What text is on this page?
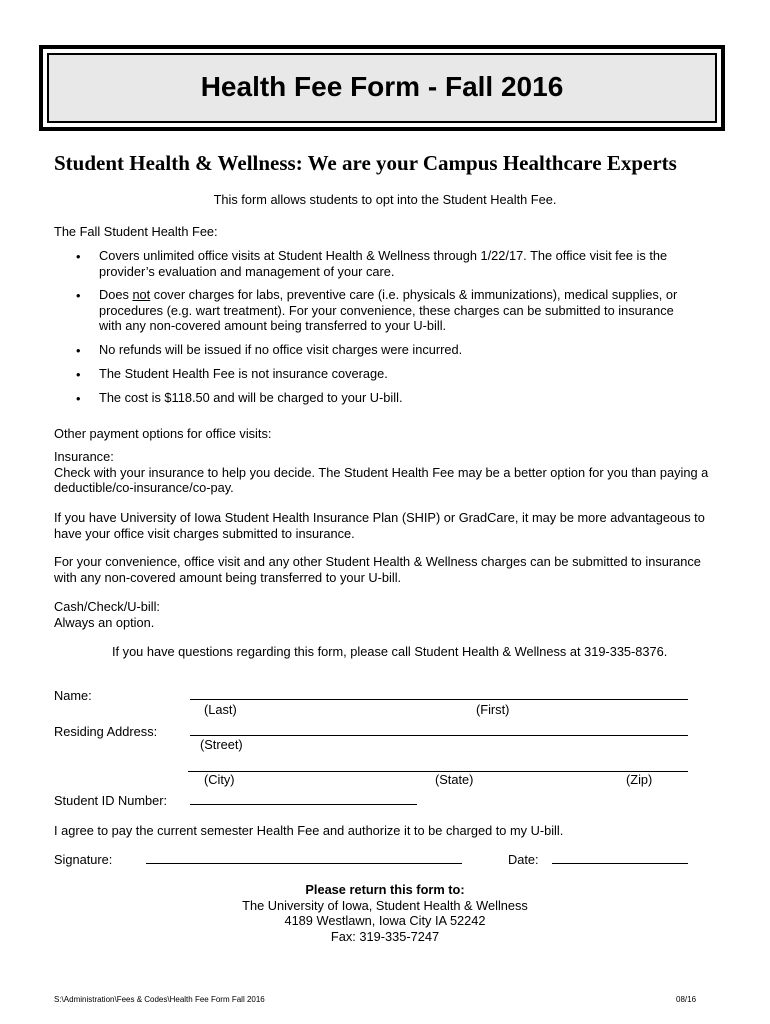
Health Fee Form - Fall 2016
Student Health & Wellness: We are your Campus Healthcare Experts
This form allows students to opt into the Student Health Fee.
The Fall Student Health Fee:
• Covers unlimited office visits at Student Health & Wellness through 1/22/17. The office visit fee is the
provider’s evaluation and management of your care.
• Does not cover charges for labs, preventive care (i.e. physicals & immunizations), medical supplies, or
procedures (e.g. wart treatment). For your convenience, these charges can be submitted to insurance
with any non-covered amount being transferred to your U-bill.
• No refunds will be issued if no office visit charges were incurred.
• The Student Health Fee is not insurance coverage.
• The cost is $118.50 and will be charged to your U-bill.
Other payment options for office visits:
Insurance:
Check with your insurance to help you decide. The Student Health Fee may be a better option for you than paying a
deductible/co-insurance/co-pay.
If you have University of Iowa Student Health Insurance Plan (SHIP) or GradCare, it may be more advantageous to
have your office visit charges submitted to insurance.
For your convenience, office visit and any other Student Health & Wellness charges can be submitted to insurance
with any non-covered amount being transferred to your U-bill.
Cash/Check/U-bill:
Always an option.
If you have questions regarding this form, please call Student Health & Wellness at 319-335-8376.
Name:
(Last)	(First)
Residing Address:
(Street)
(City)	(State)	(Zip)
Student ID Number:
I agree to pay the current semester Health Fee and authorize it to be charged to my U-bill.
Signature:	Date:
Please return this form to:
The University of Iowa, Student Health & Wellness
4189 Westlawn, Iowa City IA 52242
Fax: 319-335-7247
S:\Administration\Fees & Codes\Health Fee Form Fall 2016	08/16
